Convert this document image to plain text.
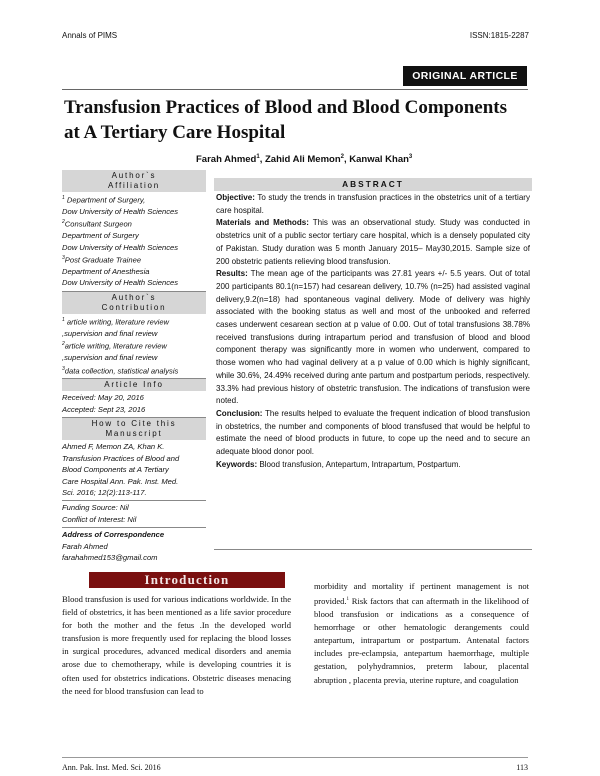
Annals of PIMS	ISSN:1815-2287
ORIGINAL ARTICLE
Transfusion Practices of Blood and Blood Components
at A Tertiary Care Hospital
Farah Ahmed$^1$, Zahid Ali Memon$^2$, Kanwal Khan$^3$
Author`s
Affiliation
$^1$ Department of Surgery,
Dow University of Health Sciences
$^2$Consultant Surgeon
Department of Surgery
Dow University of Health Sciences
$^3$Post Graduate Trainee
Department of Anesthesia
Dow University of Health Sciences
Author`s
Contribution
$^1$ article writing, literature review
,supervision and final review
$^2$article writing, literature review
,supervision and final review
$^3$data collection, statistical analysis
Article Info
Received: May 20, 2016
Accepted: Sept 23, 2016
How to Cite this
Manuscript
Ahmed F, Memon ZA, Khan K.
Transfusion Practices of Blood and
Blood Components at A Tertiary
Care Hospital Ann. Pak. Inst. Med.
Sci. 2016; 12(2):113-117.
Funding Source: Nil
Conflict of Interest: Nil
Address of Correspondence
Farah Ahmed
farahahmed153@gmail.com
ABSTRACT

Objective: To study the trends in transfusion practices in the obstetrics unit of a tertiary care hospital.

Materials and Methods: This was an observational study. Study was conducted in obstetrics unit of a public sector tertiary care hospital, which is a densely populated city of Pakistan. Study duration was 5 month January 2015– May30,2015. Sample size of 200 obstetric patients relieving blood transfusion.

Results: The mean age of the participants was 27.81 years +/- 5.5 years. Out of total 200 participants 80.1(n=157) had cesarean delivery, 10.7% (n=25) had assisted vaginal delivery,9.2(n=18) had spontaneous vaginal delivery. Mode of delivery was highly associated with the booking status as well and most of the unbooked and referred cases underwent cesarean section at p value of 0.00. Out of total transfusions 38.78% received transfusions during intrapartum period and transfusion of blood and blood component therapy was significantly more in women who underwent, compared to those women who had vaginal delivery at a p value of 0.00 which is highly significant, while 30.6%, 24.49% received during ante partum and postpartum periods, respectively. 33.3% had previous history of obstetric transfusion. The indications of transfusion were noted.

Conclusion: The results helped to evaluate the frequent indication of blood transfusion in obstetrics, the number and components of blood transfused that would be helpful to estimate the need of blood products in future, to cope up the need and to secure an adequate blood donor pool.

Keywords: Blood transfusion, Antepartum, Intrapartum, Postpartum.

Introduction

Blood transfusion is used for various indications worldwide. In the field of obstetrics, it has been mentioned as a life savior procedure for both the mother and the fetus .In the developed world transfusion is more frequently used for replacing the blood losses in surgical procedures, advanced medical disorders and anemia arose due to chemotherapy, while is developing countries it is often used for obstetrics indications. Obstetric diseases menacing the need for blood transfusion can lead to

morbidity and mortality if pertinent management is not provided.$^1$ Risk factors that can aftermath in the likelihood of blood transfusion or indications as a consequence of hemorrhage or other hematologic derangements could antepartum, intrapartum or postpartum. Antenatal factors includes pre-eclampsia, antepartum haemorrhage, multiple gestation, polyhydramnios, preterm labour, placental abruption , placenta previa, uterine rupture, and coagulation

Ann. Pak. Inst. Med. Sci. 2016	113
